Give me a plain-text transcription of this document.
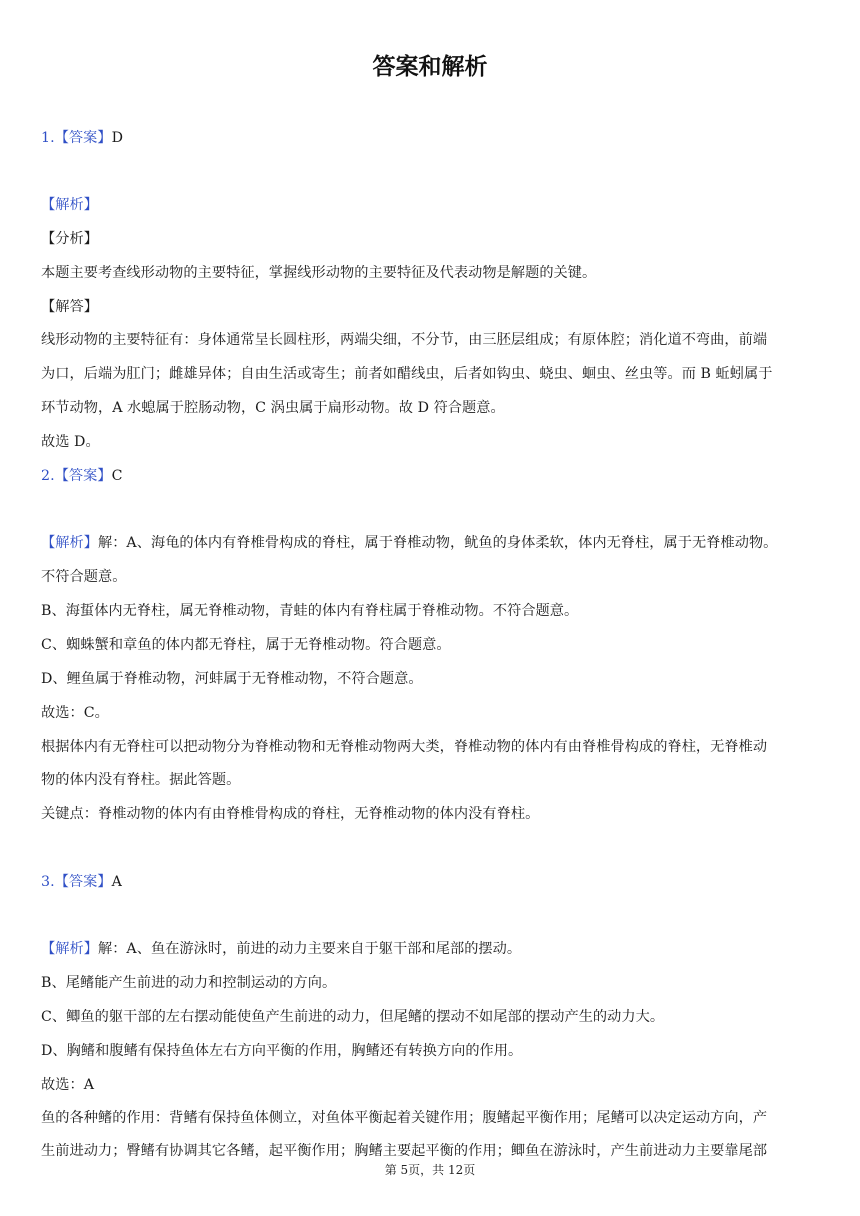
答案和解析
1.【答案】D
【解析】
【分析】
本题主要考查线形动物的主要特征，掌握线形动物的主要特征及代表动物是解题的关键。
【解答】
线形动物的主要特征有：身体通常呈长圆柱形，两端尖细，不分节，由三胚层组成；有原体腔；消化道不弯曲，前端
为口，后端为肛门；雌雄异体；自由生活或寄生；前者如醋线虫，后者如钩虫、蛲虫、蛔虫、丝虫等。而 B 蚯蚓属于
环节动物，A 水螅属于腔肠动物，C 涡虫属于扁形动物。故 D 符合题意。
故选 D。
2.【答案】C
【解析】解：A、海龟的体内有脊椎骨构成的脊柱，属于脊椎动物，鱿鱼的身体柔软，体内无脊柱，属于无脊椎动物。
不符合题意。
B、海蜇体内无脊柱，属无脊椎动物，青蛙的体内有脊柱属于脊椎动物。不符合题意。
C、蜘蛛蟹和章鱼的体内都无脊柱，属于无脊椎动物。符合题意。
D、鲤鱼属于脊椎动物，河蚌属于无脊椎动物，不符合题意。
故选：C。
根据体内有无脊柱可以把动物分为脊椎动物和无脊椎动物两大类，脊椎动物的体内有由脊椎骨构成的脊柱，无脊椎动
物的体内没有脊柱。据此答题。
关键点：脊椎动物的体内有由脊椎骨构成的脊柱，无脊椎动物的体内没有脊柱。
3.【答案】A
【解析】解：A、鱼在游泳时，前进的动力主要来自于躯干部和尾部的摆动。
B、尾鳍能产生前进的动力和控制运动的方向。
C、鲫鱼的躯干部的左右摆动能使鱼产生前进的动力，但尾鳍的摆动不如尾部的摆动产生的动力大。
D、胸鳍和腹鳍有保持鱼体左右方向平衡的作用，胸鳍还有转换方向的作用。
故选：A
鱼的各种鳍的作用：背鳍有保持鱼体侧立，对鱼体平衡起着关键作用；腹鳍起平衡作用；尾鳍可以决定运动方向，产
生前进动力；臀鳍有协调其它各鳍，起平衡作用；胸鳍主要起平衡的作用；鲫鱼在游泳时，产生前进动力主要靠尾部
第 5页，共 12页
